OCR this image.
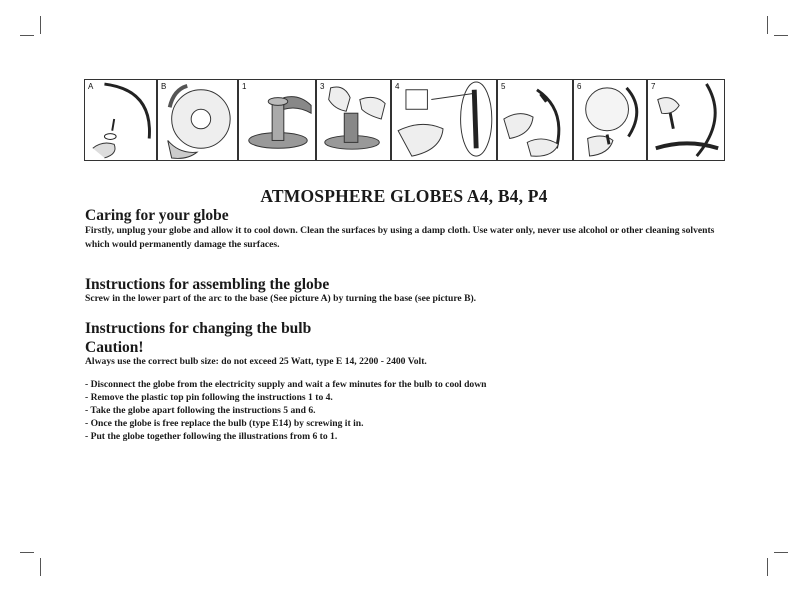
A	B	1	3	4	5	6	7
ATMOSPHERE GLOBES A4, B4, P4
Caring for your globe

Firstly, unplug your globe and allow it to cool down. Clean the surfaces by using a damp cloth. Use water only, never use alcohol or other cleaning solvents which would permanently damage the surfaces.

Instructions for assembling the globe

Screw in the lower part of the arc to the base (See picture A) by turning the base (see picture B).

Instructions for changing the bulb
Caution!

Always use the correct bulb size: do not exceed 25 Watt, type E 14, 2200 - 2400 Volt.

- Disconnect the globe from the electricity supply and wait a few minutes for the bulb to cool down
- Remove the plastic top pin following the instructions 1 to 4.
- Take the globe apart following the instructions 5 and 6.
- Once the globe is free replace the bulb (type E14) by screwing it in.
- Put the globe together following the illustrations from 6 to 1.
